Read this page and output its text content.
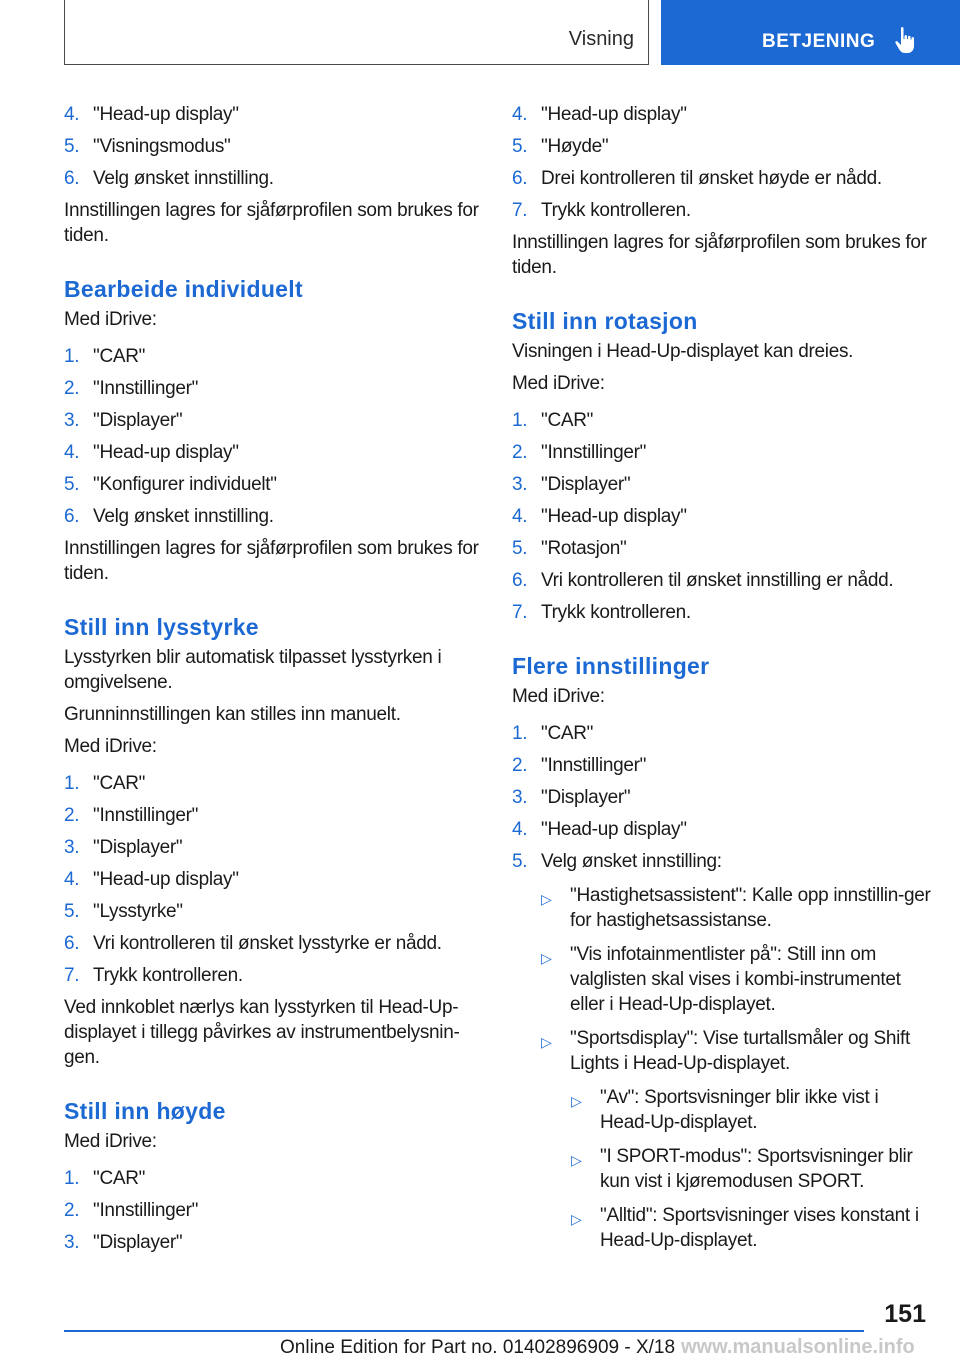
Visning	BETJENING
4. "Head-up display"
5. "Visningsmodus"
6. Velg ønsket innstilling.

Innstillingen lagres for sjåførprofilen som brukes for tiden.

Bearbeide individuelt

Med iDrive:

1. "CAR"
2. "Innstillinger"
3. "Displayer"
4. "Head-up display"
5. "Konfigurer individuelt"
6. Velg ønsket innstilling.

Innstillingen lagres for sjåførprofilen som brukes for tiden.

Still inn lysstyrke

Lysstyrken blir automatisk tilpasset lysstyrken i omgivelsene.

Grunninnstillingen kan stilles inn manuelt.

Med iDrive:

1. "CAR"
2. "Innstillinger"
3. "Displayer"
4. "Head-up display"
5. "Lysstyrke"
6. Vri kontrolleren til ønsket lysstyrke er nådd.
7. Trykk kontrolleren.

Ved innkoblet nærlys kan lysstyrken til Head-Up-displayet i tillegg påvirkes av instrumentbelysnin-gen.

Still inn høyde

Med iDrive:

1. "CAR"
2. "Innstillinger"
3. "Displayer"
4. "Head-up display"
5. "Høyde"
6. Drei kontrolleren til ønsket høyde er nådd.
7. Trykk kontrolleren.

Innstillingen lagres for sjåførprofilen som brukes for tiden.

Still inn rotasjon

Visningen i Head-Up-displayet kan dreies.

Med iDrive:

1. "CAR"
2. "Innstillinger"
3. "Displayer"
4. "Head-up display"
5. "Rotasjon"
6. Vri kontrolleren til ønsket innstilling er nådd.
7. Trykk kontrolleren.
Flere innstillinger

Med iDrive:

1. "CAR"
2. "Innstillinger"
3. "Displayer"
4. "Head-up display"
5. Velg ønsket innstilling:
▷ "Hastighetsassistent": Kalle opp innstillin-ger for hastighetsassistanse.
▷ "Vis infotainmentlister på": Still inn om valglisten skal vises i kombi-instrumentet eller i Head-Up-displayet.
▷ "Sportsdisplay": Vise turtallsmåler og Shift Lights i Head-Up-displayet.
▷ "Av": Sportsvisninger blir ikke vist i Head-Up-displayet.
▷ "I SPORT-modus": Sportsvisninger blir kun vist i kjøremodusen SPORT.
▷ "Alltid": Sportsvisninger vises konstant i Head-Up-displayet.
151
Online Edition for Part no. 01402896909 - X/18 www.manualsonline.info
